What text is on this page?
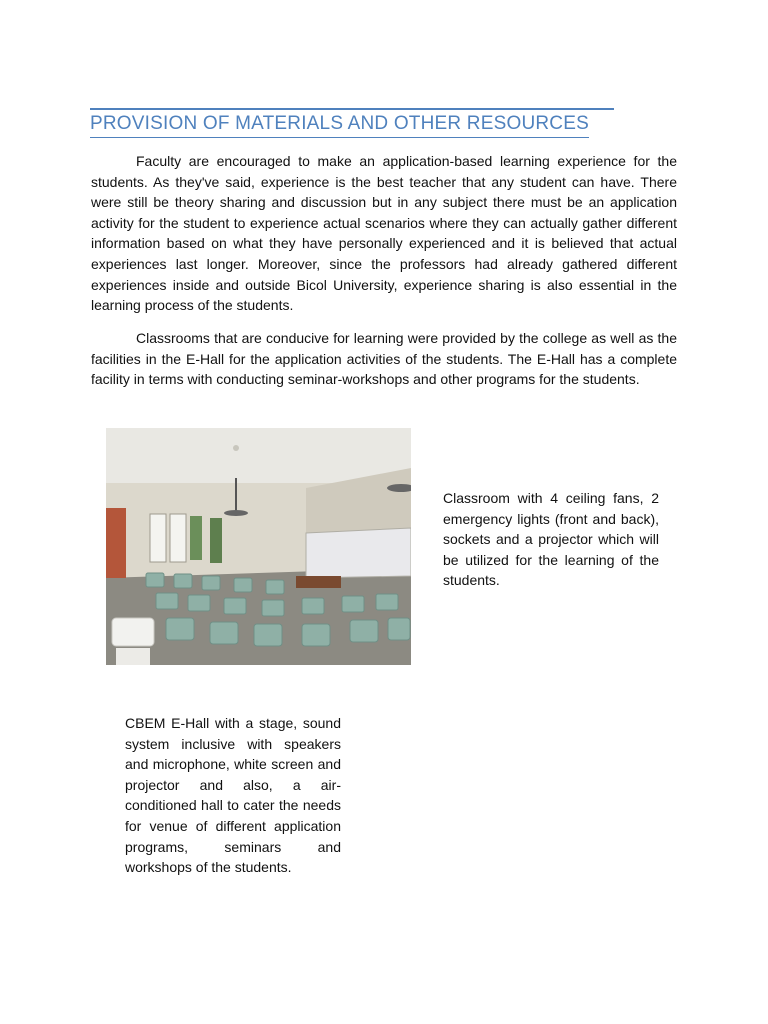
PROVISION OF MATERIALS AND OTHER RESOURCES

Faculty are encouraged to make an application-based learning experience for the students. As they've said, experience is the best teacher that any student can have. There were still be theory sharing and discussion but in any subject there must be an application activity for the student to experience actual scenarios where they can actually gather different information based on what they have personally experienced and it is believed that actual experiences last longer. Moreover, since the professors had already gathered different experiences inside and outside Bicol University, experience sharing is also essential in the learning process of the students.

Classrooms that are conducive for learning were provided by the college as well as the facilities in the E-Hall for the application activities of the students. The E-Hall has a complete facility in terms with conducting seminar-workshops and other programs for the students.

Classroom with 4 ceiling fans, 2 emergency lights (front and back), sockets and a projector which will be utilized for the learning of the students.

CBEM E-Hall with a stage, sound system inclusive with speakers and microphone, white screen and projector and also, a air-conditioned hall to cater the needs for venue of different application programs, seminars and workshops of the students.
